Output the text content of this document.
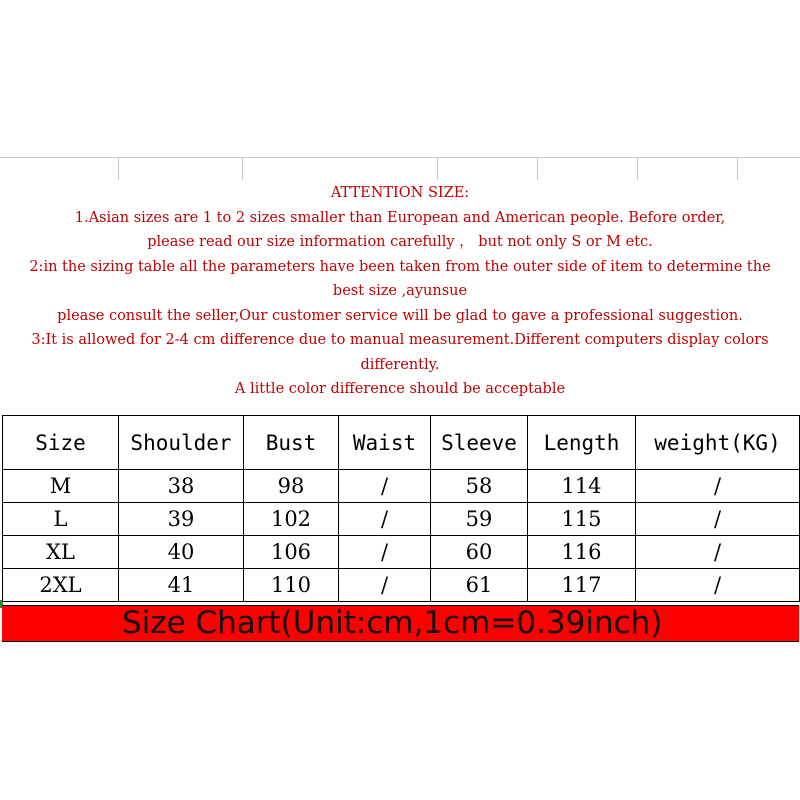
ATTENTION SIZE:
1.Asian sizes are 1 to 2 sizes smaller than European and American people. Before order,
please read our size information carefully ， but not only S or M etc.
2:in the sizing table all the parameters have been taken from the outer side of item to determine the
best size ,ayunsue
please consult the seller,Our customer service will be glad to gave a professional suggestion.
3:It is allowed for 2-4 cm difference due to manual measurement.Different computers display colors
differently.
A little color difference should be acceptable
Size	Shoulder	Bust	Waist	Sleeve	Length	weight(KG)
M	38	98	/	58	114	/
L	39	102	/	59	115	/
XL	40	106	/	60	116	/
2XL	41	110	/	61	117	/
Size Chart(Unit:cm,1cm=0.39inch)
